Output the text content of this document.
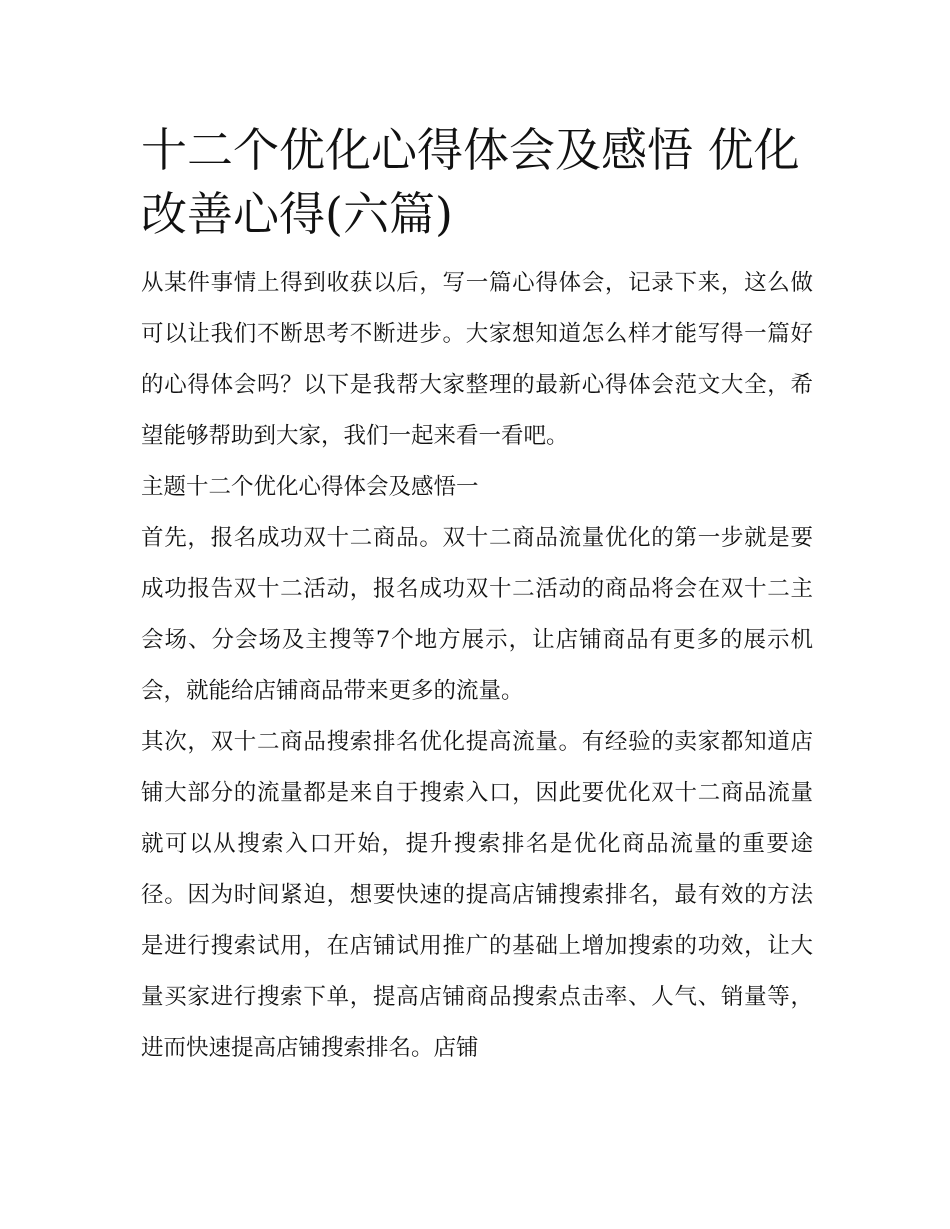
十二个优化心得体会及感悟 优化改善心得(六篇)

从某件事情上得到收获以后，写一篇心得体会，记录下来，这么做可以让我们不断思考不断进步。大家想知道怎么样才能写得一篇好的心得体会吗？以下是我帮大家整理的最新心得体会范文大全，希望能够帮助到大家，我们一起来看一看吧。

主题十二个优化心得体会及感悟一

首先，报名成功双十二商品。双十二商品流量优化的第一步就是要成功报告双十二活动，报名成功双十二活动的商品将会在双十二主会场、分会场及主搜等7个地方展示，让店铺商品有更多的展示机会，就能给店铺商品带来更多的流量。

其次，双十二商品搜索排名优化提高流量。有经验的卖家都知道店铺大部分的流量都是来自于搜索入口，因此要优化双十二商品流量就可以从搜索入口开始，提升搜索排名是优化商品流量的重要途径。因为时间紧迫，想要快速的提高店铺搜索排名，最有效的方法是进行搜索试用，在店铺试用推广的基础上增加搜索的功效，让大量买家进行搜索下单，提高店铺商品搜索点击率、人气、销量等，进而快速提高店铺搜索排名。店铺
